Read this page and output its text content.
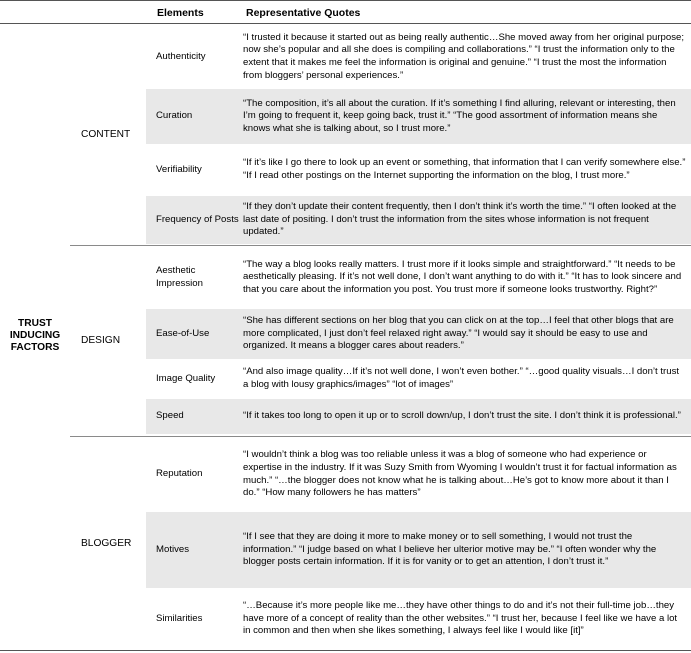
Elements	Representative Quotes
TRUST INDUCING FACTORS
CONTENT
Authenticity
“I trusted it because it started out as being really authentic…She moved away from her original purpose; now she’s popular and all she does is compiling and collaborations.” “I trust the information only to the extent that it makes me feel the information is original and genuine.” “I trust the most the information from bloggers’ personal experiences.”
Curation
“The composition, it’s all about the curation. If it’s something I find alluring, relevant or interesting, then I’m going to frequent it, keep going back, trust it.” “The good assortment of information means she knows what she is talking about, so I trust more.”
Verifiability
“If it’s like I go there to look up an event or something, that information that I can verify somewhere else.” “If I read other postings on the Internet supporting the information on the blog, I trust more.”
Frequency of Posts
“If they don’t update their content frequently, then I don’t think it’s worth the time.” “I often looked at the last date of positing. I don’t trust the information from the sites whose information is not frequent updated.”
DESIGN
Aesthetic Impression
“The way a blog looks really matters. I trust more if it looks simple and straightforward.” “It needs to be aesthetically pleasing. If it’s not well done, I don’t want anything to do with it.” “It has to look sincere and that you care about the information you post. You trust more if someone looks trustworthy. Right?”
Ease-of-Use
“She has different sections on her blog that you can click on at the top…I feel that other blogs that are more complicated, I just don’t feel relaxed right away.” “I would say it should be easy to use and organized. It means a blogger cares about readers.”
Image Quality
“And also image quality…If it’s not well done, I won’t even bother.” “…good quality visuals…I don’t trust a blog with lousy graphics/images” “lot of images”
Speed	“If it takes too long to open it up or to scroll down/up, I don’t trust the site. I don’t think it is professional.”
BLOGGER
Reputation
“I wouldn’t think a blog was too reliable unless it was a blog of someone who had experience or expertise in the industry. If it was Suzy Smith from Wyoming I wouldn’t trust it for factual information as much.” “…the blogger does not know what he is talking about…He’s got to know more about it than I do.” “How many followers he has matters”
Motives
“If I see that they are doing it more to make money or to sell something, I would not trust the information.” “I judge based on what I believe her ulterior motive may be.” “I often wonder why the blogger posts certain information. If it is for vanity or to get an attention, I don’t trust it.”
Similarities
“…Because it’s more people like me…they have other things to do and it’s not their full-time job…they have more of a concept of reality than the other websites.” “I trust her, because I feel like we have a lot in common and then when she likes something, I always feel like I would like [it]”
